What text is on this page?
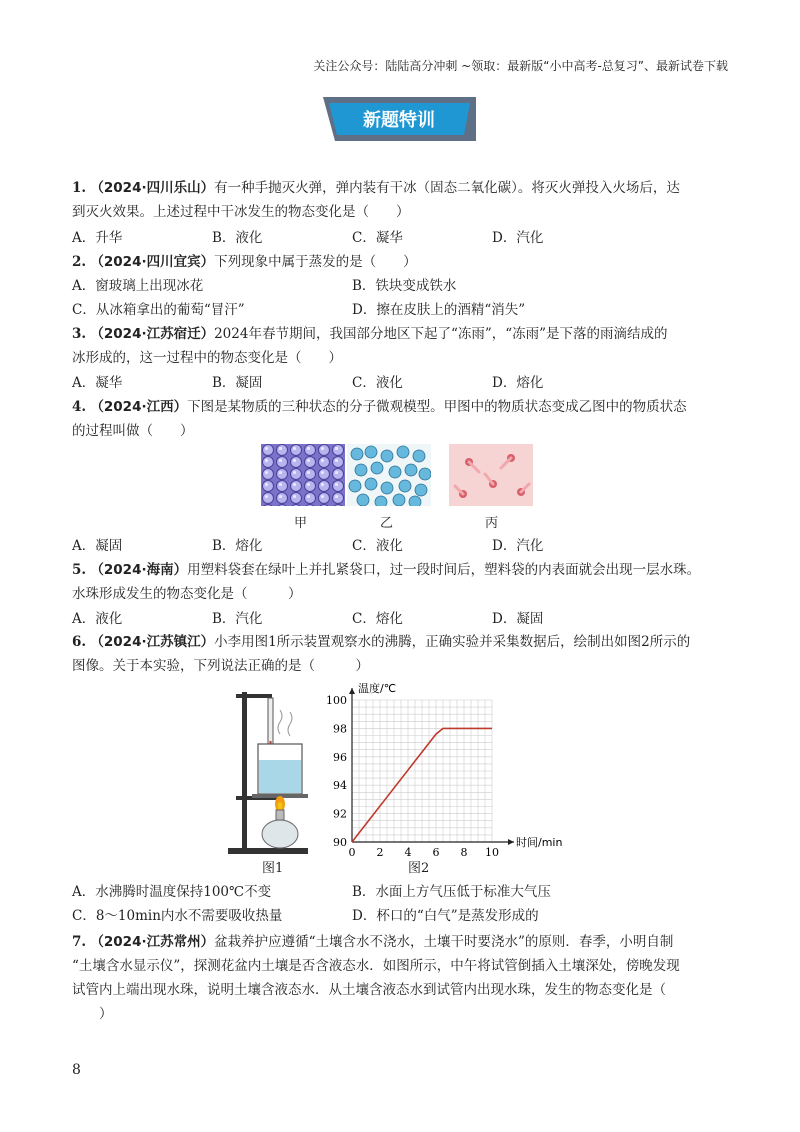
关注公众号：陆陆高分冲刺 ~领取：最新版“小中高考-总复习”、最新试卷下载
新题特训
1. （2024·四川乐山）有一种手抛灭火弹，弹内装有干冰（固态二氧化碳）。将灭火弹投入火场后，达
到灭火效果。上述过程中干冰发生的物态变化是（　　）
A．升华	B．液化	C．凝华	D．汽化
2. （2024·四川宜宾）下列现象中属于蒸发的是（　　）
A．窗玻璃上出现冰花	B．铁块变成铁水
C．从冰箱拿出的葡萄“冒汗”	D．擦在皮肤上的酒精“消失”
3. （2024·江苏宿迁）2024年春节期间，我国部分地区下起了“冻雨”，“冻雨”是下落的雨滴结成的
冰形成的，这一过程中的物态变化是（　　）
A．凝华	B．凝固	C．液化	D．熔化
4. （2024·江西）下图是某物质的三种状态的分子微观模型。甲图中的物质状态变成乙图中的物质状态
的过程叫做（　　）
甲	乙	丙
A．凝固	B．熔化	C．液化	D．汽化
5. （2024·海南）用塑料袋套在绿叶上并扎紧袋口，过一段时间后，塑料袋的内表面就会出现一层水珠。
水珠形成发生的物态变化是（　　　）
A．液化	B．汽化	C．熔化	D．凝固
6. （2024·江苏镇江）小李用图1所示装置观察水的沸腾，正确实验并采集数据后，绘制出如图2所示的
图像。关于本实验，下列说法正确的是（　　　）
图1
0 2 4 6 8 10
90
92
94
96
98
100
时间/min
温度/℃
图2
A．水沸腾时温度保持100℃不变	B．水面上方气压低于标准大气压
C．8～10min内水不需要吸收热量	D．杯口的“白气”是蒸发形成的
7. （2024·江苏常州）盆栽养护应遵循“土壤含水不浇水，土壤干时要浇水”的原则．春季，小明自制
“土壤含水显示仪”，探测花盆内土壤是否含液态水．如图所示，中午将试管倒插入土壤深处，傍晚发现
试管内上端出现水珠，说明土壤含液态水．从土壤含液态水到试管内出现水珠，发生的物态变化是（
　　）
8
